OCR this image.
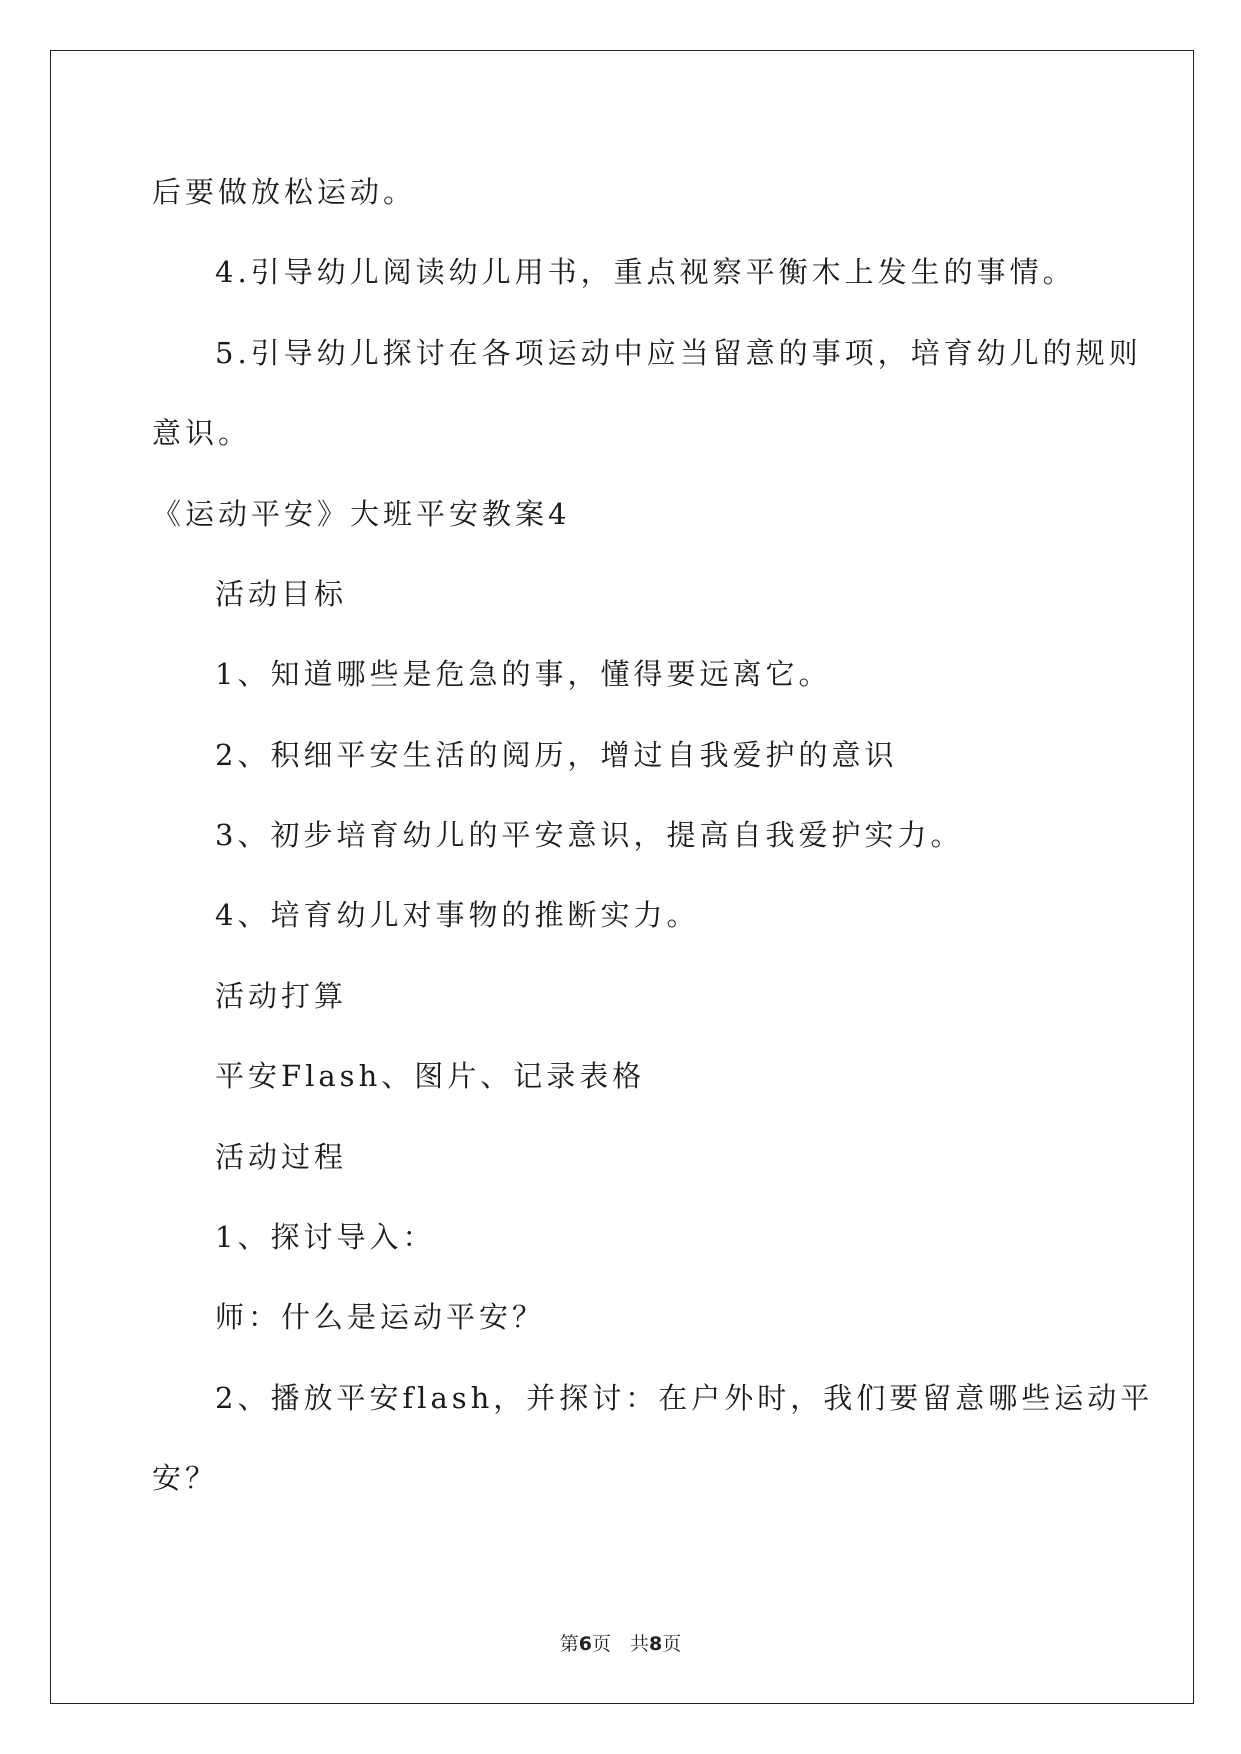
后要做放松运动。
4.引导幼儿阅读幼儿用书，重点视察平衡木上发生的事情。
5.引导幼儿探讨在各项运动中应当留意的事项，培育幼儿的规则
意识。
《运动平安》大班平安教案4
活动目标
1、知道哪些是危急的事，懂得要远离它。
2、积细平安生活的阅历，增过自我爱护的意识
3、初步培育幼儿的平安意识，提高自我爱护实力。
4、培育幼儿对事物的推断实力。
活动打算
平安Flash、图片、记录表格
活动过程
1、探讨导入：
师：什么是运动平安？
2、播放平安flash，并探讨：在户外时，我们要留意哪些运动平
安？
第6页　共8页
